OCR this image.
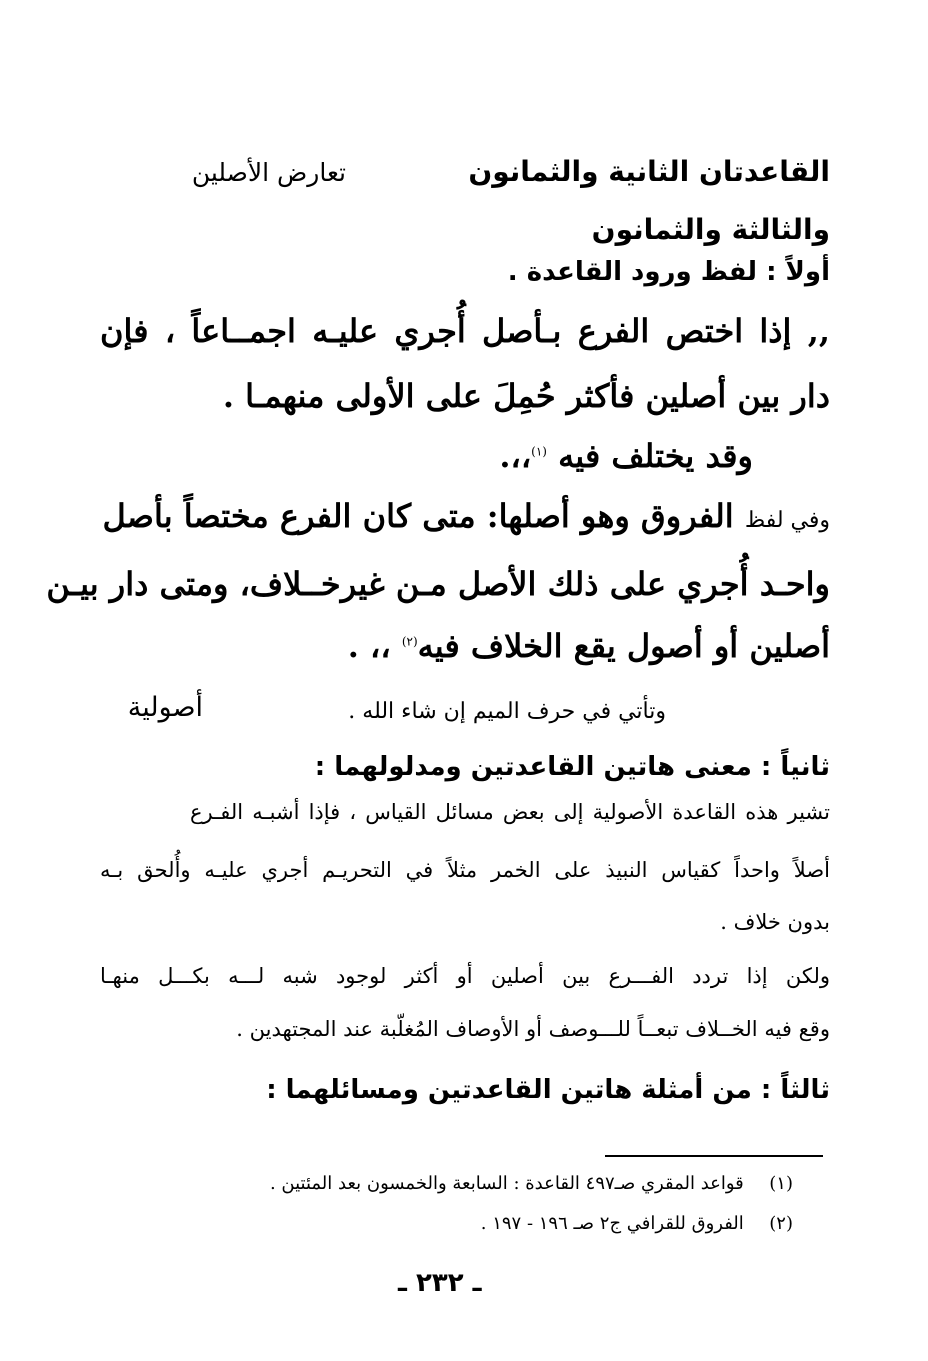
القاعدتان الثانية والثمانون
تعارض الأصلين
والثالثة والثمانون
أولاً : لفظ ورود القاعدة .
,, إذا اختص الفرع بـأصل أُجري عليـه اجمــاعاً ، فإن
دار بين أصلين فأكثر حُمِلَ على الأولى منهمـا .
وقد يختلف فيه $^{(١)}$،،.
وفي لفظ الفروق وهو أصلها: متى كان الفرع مختصاً بأصل
واحـد أُجري على ذلك الأصل مـن غيرخــلاف، ومتى دار بيـن
أصلين أو أصول يقع الخلاف فيه$^{(٢)}$ ،، .
وتأتي في حرف الميم إن شاء الله .
أصولية
ثانياً : معنى هاتين القاعدتين ومدلولهما :
تشير هذه القاعدة الأصولية إلى بعض مسائل القياس ، فإذا أشبـه الفـرع
أصلاً واحداً كقياس النبيذ على الخمر مثلاً في التحريـم أجري عليـه وأُلحق بـه
بدون خلاف .
ولكن إذا تردد الفـــرع بين أصلين أو أكثر لوجود شبه لـــه بكـــل منهـا
وقع فيه الخــلاف تبعــاً للـــوصف أو الأوصاف المُغلّبة عند المجتهدين .
ثالثاً : من أمثلة هاتين القاعدتين ومسائلهما :
(١)  قواعد المقري صـ٤٩٧ القاعدة : السابعة والخمسون بعد المئتين .
(٢)  الفروق للقرافي ج٢ صـ ١٩٦ - ١٩٧ .
ـ ٢٣٢ ـ
